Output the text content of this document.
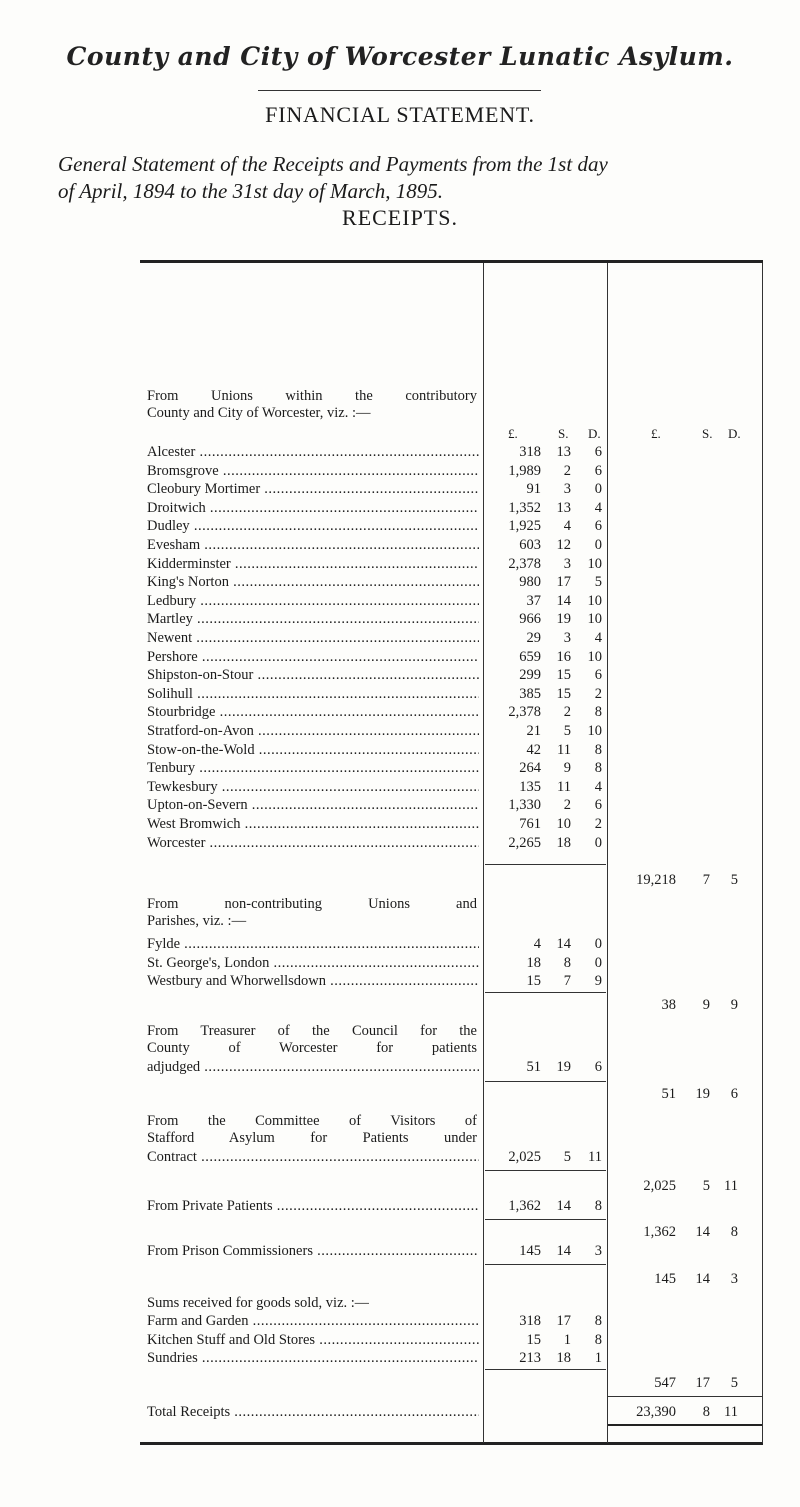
County and City of Worcester Lunatic Asylum.
FINANCIAL STATEMENT.
General Statement of the Receipts and Payments from the 1st day
of April, 1894 to the 31st day of March, 1895.
RECEIPTS.
From Unions within the contributory
County and City of Worcester, viz. :—
£.	S. D.	£.	S. D.
Alcester .....	318	13	6
Bromsgrove .....	1,989	2	6
Cleobury Mortimer .....	91	3	0
Droitwich .....	1,352	13	4
Dudley .....	1,925	4	6
Evesham .....	603	12	0
Kidderminster .....	2,378	3	10
King's Norton .....	980	17	5
Ledbury .....	37	14	10
Martley .....	966	19	10
Newent .....	29	3	4
Pershore .....	659	16	10
Shipston-on-Stour .....	299	15	6
Solihull .....	385	15	2
Stourbridge .....	2,378	2	8
Stratford-on-Avon .....	21	5	10
Stow-on-the-Wold .....	42	11	8
Tenbury .....	264	9	8
Tewkesbury .....	135	11	4
Upton-on-Severn .....	1,330	2	6
West Bromwich .....	761	10	2
Worcester .....	2,265	18	0
19,218	7	5
From non-contributing Unions and
Parishes, viz. :—
Fylde .....	4	14	0
St. George's, London .....	18	8	0
Westbury and Whorwellsdown .....	15	7	9
38	9	9
From Treasurer of the Council for the
County of Worcester for patients
adjudged .....	51	19	6
51	19	6
From the Committee of Visitors of
Stafford Asylum for Patients under
Contract .....	2,025	5	11
2,025	5 11
From Private Patients .....	1,362	14	8
1,362	14	8
From Prison Commissioners .....	145	14	3
145	14	3
Sums received for goods sold, viz. :—
Farm and Garden .....	318	17	8
Kitchen Stuff and Old Stores .....	15	1	8
Sundries .....	213	18	1
547	17	5
Total Receipts .....	23,390	8 11
